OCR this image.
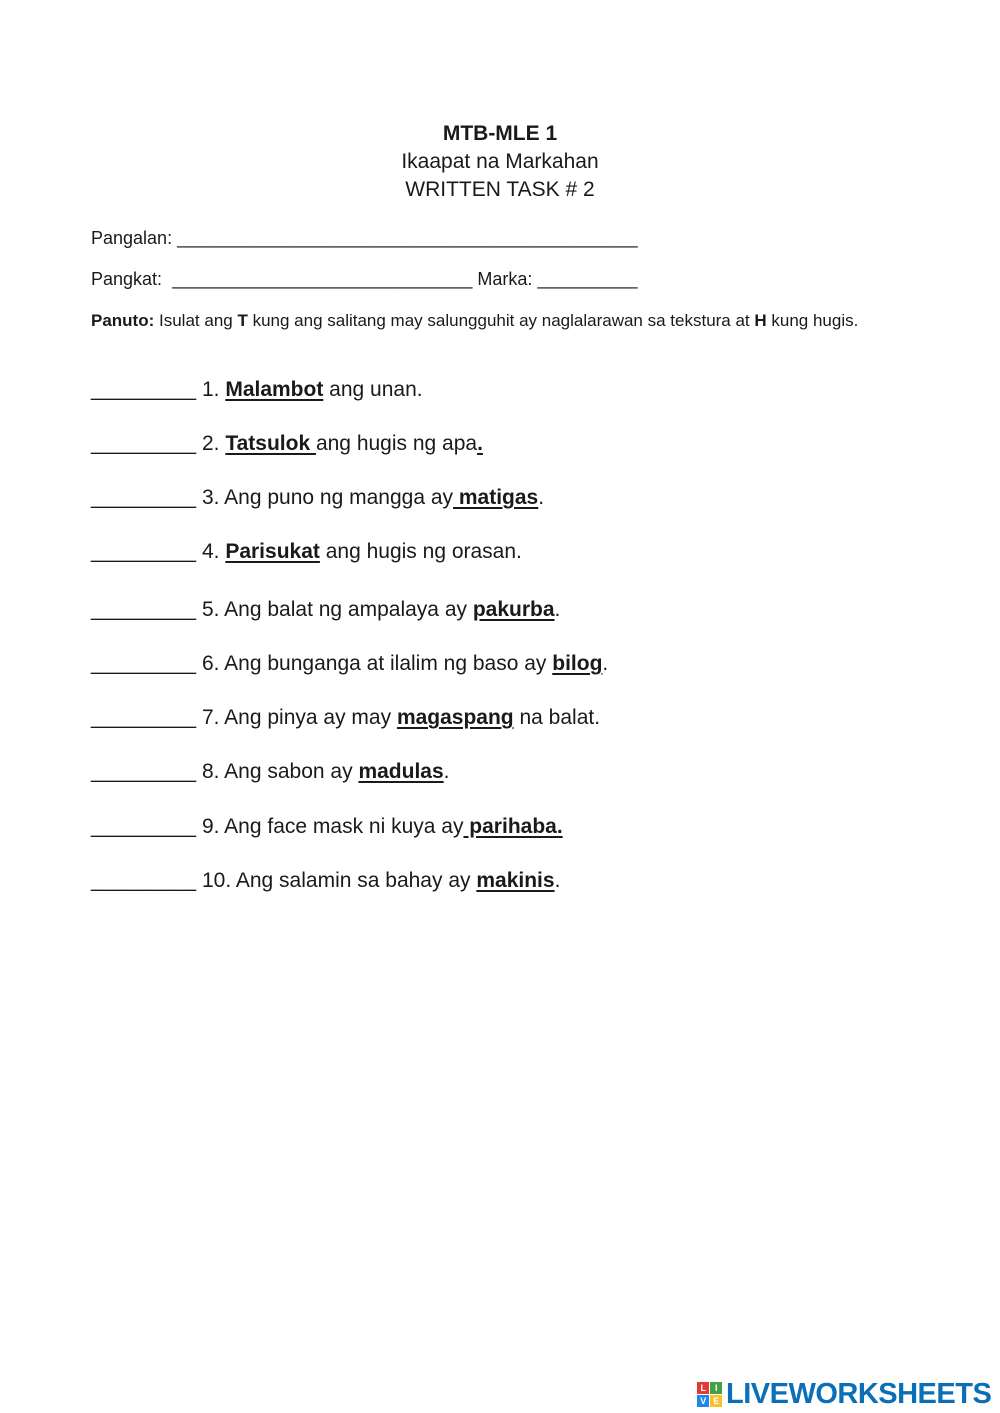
MTB-MLE 1
Ikaapat na Markahan
WRITTEN TASK # 2
Pangalan: ______________________________________________
Pangkat: ______________________________ Marka: __________
Panuto: Isulat ang T kung ang salitang may salungguhit ay naglalarawan sa tekstura at H kung hugis.
_________ 1. Malambot ang unan.
_________ 2. Tatsulok ang hugis ng apa.
_________ 3. Ang puno ng mangga ay matigas.
_________ 4. Parisukat ang hugis ng orasan.
_________ 5. Ang balat ng ampalaya ay pakurba.
_________ 6. Ang bunganga at ilalim ng baso ay bilog.
_________ 7. Ang pinya ay may magaspang na balat.
_________ 8. Ang sabon ay madulas.
_________ 9. Ang face mask ni kuya ay parihaba.
_________ 10. Ang salamin sa bahay ay makinis.
L	I
V E LIVEWORKSHEETS
